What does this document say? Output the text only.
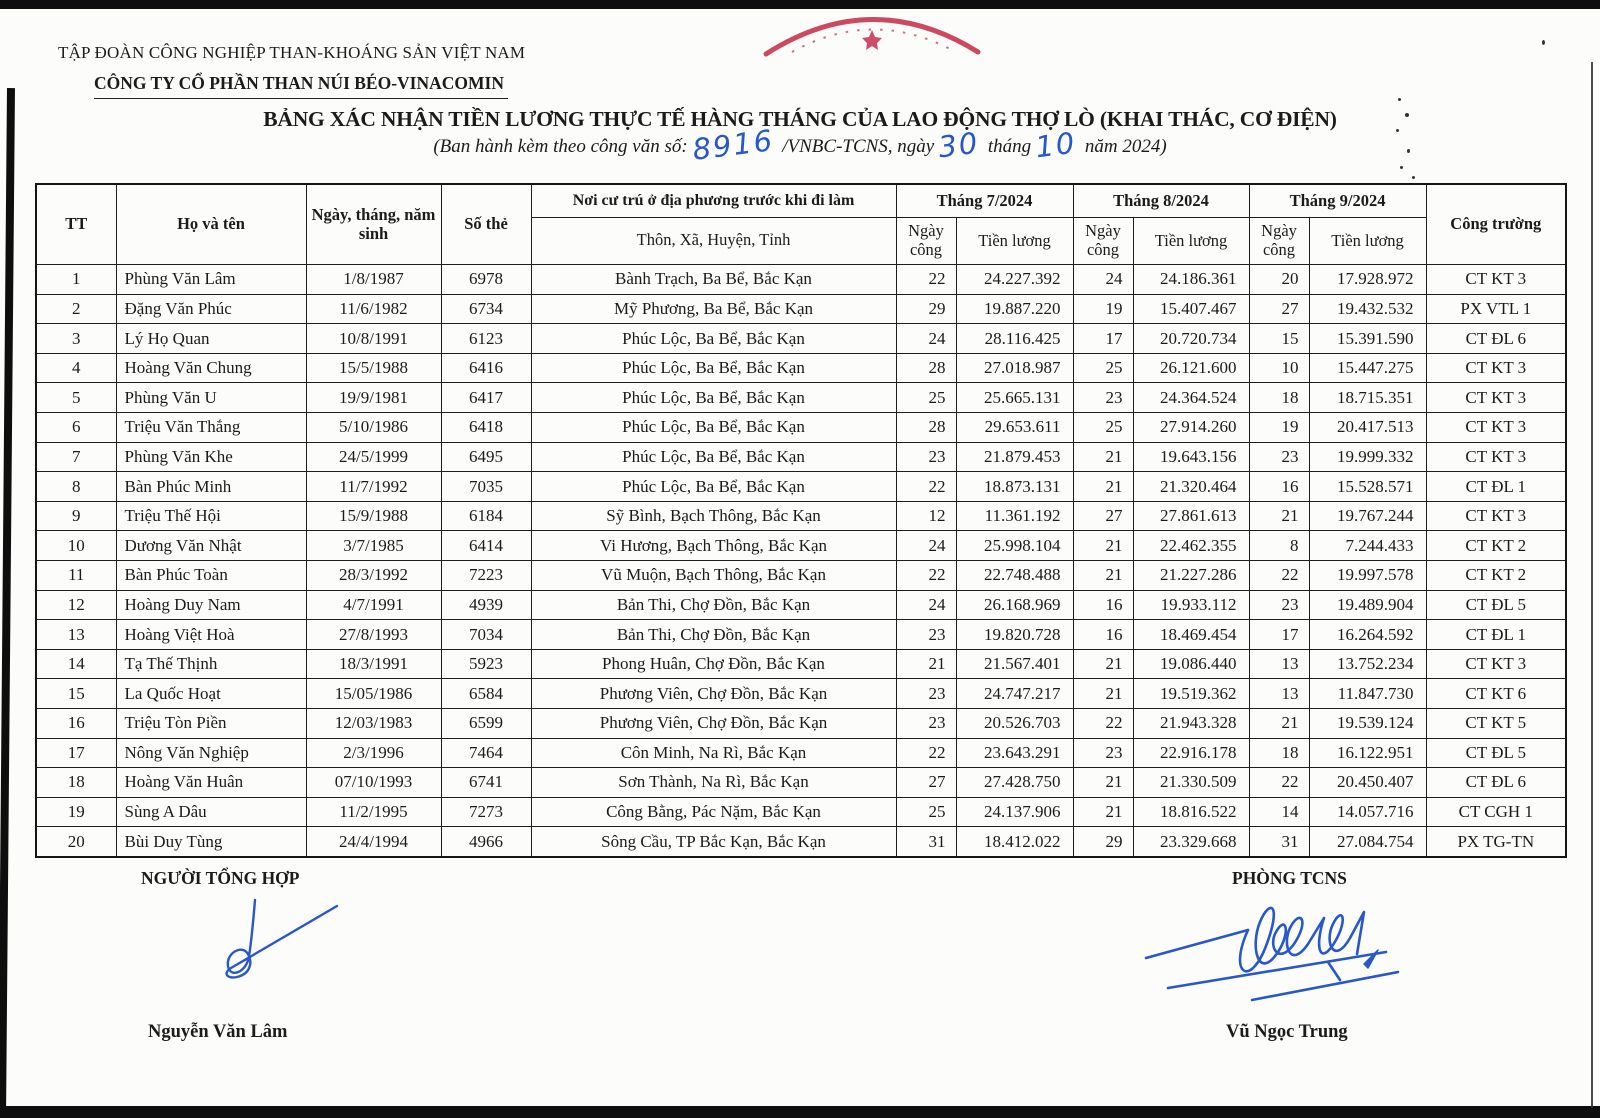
TẬP ĐOÀN CÔNG NGHIỆP THAN-KHOÁNG SẢN VIỆT NAM
CÔNG TY CỔ PHẦN THAN NÚI BÉO-VINACOMIN
BẢNG XÁC NHẬN TIỀN LƯƠNG THỰC TẾ HÀNG THÁNG CỦA LAO ĐỘNG THỢ LÒ (KHAI THÁC, CƠ ĐIỆN)
(Ban hành kèm theo công văn số:8916 /VNBC-TCNS, ngày30 tháng10 năm 2024)
TT	Họ và tên	Ngày, tháng, năm sinh	Số thẻ	Nơi cư trú ở địa phương trước khi đi làm
Thôn, Xã, Huyện, Tỉnh	Tháng 7/2024		Tháng 8/2024		Tháng 9/2024		Công trường
					Ngày công	Tiền lương	Ngày công	Tiền lương	Ngày công	Tiền lương	
1	Phùng Văn Lâm	1/8/1987	6978	Bành Trạch, Ba Bể, Bắc Kạn	22	24.227.392	24	24.186.361	20	17.928.972	CT KT 3
2	Đặng Văn Phúc	11/6/1982	6734	Mỹ Phương, Ba Bể, Bắc Kạn	29	19.887.220	19	15.407.467	27	19.432.532	PX VTL 1
3	Lý Họ Quan	10/8/1991	6123	Phúc Lộc, Ba Bể, Bắc Kạn	24	28.116.425	17	20.720.734	15	15.391.590	CT ĐL 6
4	Hoàng Văn Chung	15/5/1988	6416	Phúc Lộc, Ba Bể, Bắc Kạn	28	27.018.987	25	26.121.600	10	15.447.275	CT KT 3
5	Phùng Văn U	19/9/1981	6417	Phúc Lộc, Ba Bể, Bắc Kạn	25	25.665.131	23	24.364.524	18	18.715.351	CT KT 3
6	Triệu Văn Thắng	5/10/1986	6418	Phúc Lộc, Ba Bể, Bắc Kạn	28	29.653.611	25	27.914.260	19	20.417.513	CT KT 3
7	Phùng Văn Khe	24/5/1999	6495	Phúc Lộc, Ba Bể, Bắc Kạn	23	21.879.453	21	19.643.156	23	19.999.332	CT KT 3
8	Bàn Phúc Minh	11/7/1992	7035	Phúc Lộc, Ba Bể, Bắc Kạn	22	18.873.131	21	21.320.464	16	15.528.571	CT ĐL 1
9	Triệu Thế Hội	15/9/1988	6184	Sỹ Bình, Bạch Thông, Bắc Kạn	12	11.361.192	27	27.861.613	21	19.767.244	CT KT 3
10	Dương Văn Nhật	3/7/1985	6414	Vi Hương, Bạch Thông, Bắc Kạn	24	25.998.104	21	22.462.355	8	7.244.433	CT KT 2
11	Bàn Phúc Toàn	28/3/1992	7223	Vũ Muộn, Bạch Thông, Bắc Kạn	22	22.748.488	21	21.227.286	22	19.997.578	CT KT 2
12	Hoàng Duy Nam	4/7/1991	4939	Bản Thi, Chợ Đồn, Bắc Kạn	24	26.168.969	16	19.933.112	23	19.489.904	CT ĐL 5
13	Hoàng Việt Hoà	27/8/1993	7034	Bản Thi, Chợ Đồn, Bắc Kạn	23	19.820.728	16	18.469.454	17	16.264.592	CT ĐL 1
14	Tạ Thế Thịnh	18/3/1991	5923	Phong Huân, Chợ Đồn, Bắc Kạn	21	21.567.401	21	19.086.440	13	13.752.234	CT KT 3
15	La Quốc Hoạt	15/05/1986	6584	Phương Viên, Chợ Đồn, Bắc Kạn	23	24.747.217	21	19.519.362	13	11.847.730	CT KT 6
16	Triệu Tòn Piền	12/03/1983	6599	Phương Viên, Chợ Đồn, Bắc Kạn	23	20.526.703	22	21.943.328	21	19.539.124	CT KT 5
17	Nông Văn Nghiệp	2/3/1996	7464	Côn Minh, Na Rì, Bắc Kạn	22	23.643.291	23	22.916.178	18	16.122.951	CT ĐL 5
18	Hoàng Văn Huân	07/10/1993	6741	Sơn Thành, Na Rì, Bắc Kạn	27	27.428.750	21	21.330.509	22	20.450.407	CT ĐL 6
19	Sùng A Dâu	11/2/1995	7273	Công Bằng, Pác Nặm, Bắc Kạn	25	24.137.906	21	18.816.522	14	14.057.716	CT CGH 1
20	Bùi Duy Tùng	24/4/1994	4966	Sông Cầu, TP Bắc Kạn, Bắc Kạn	31	18.412.022	29	23.329.668	31	27.084.754	PX TG-TN
NGƯỜI TỔNG HỢP
Nguyễn Văn Lâm
PHÒNG TCNS
Vũ Ngọc Trung
